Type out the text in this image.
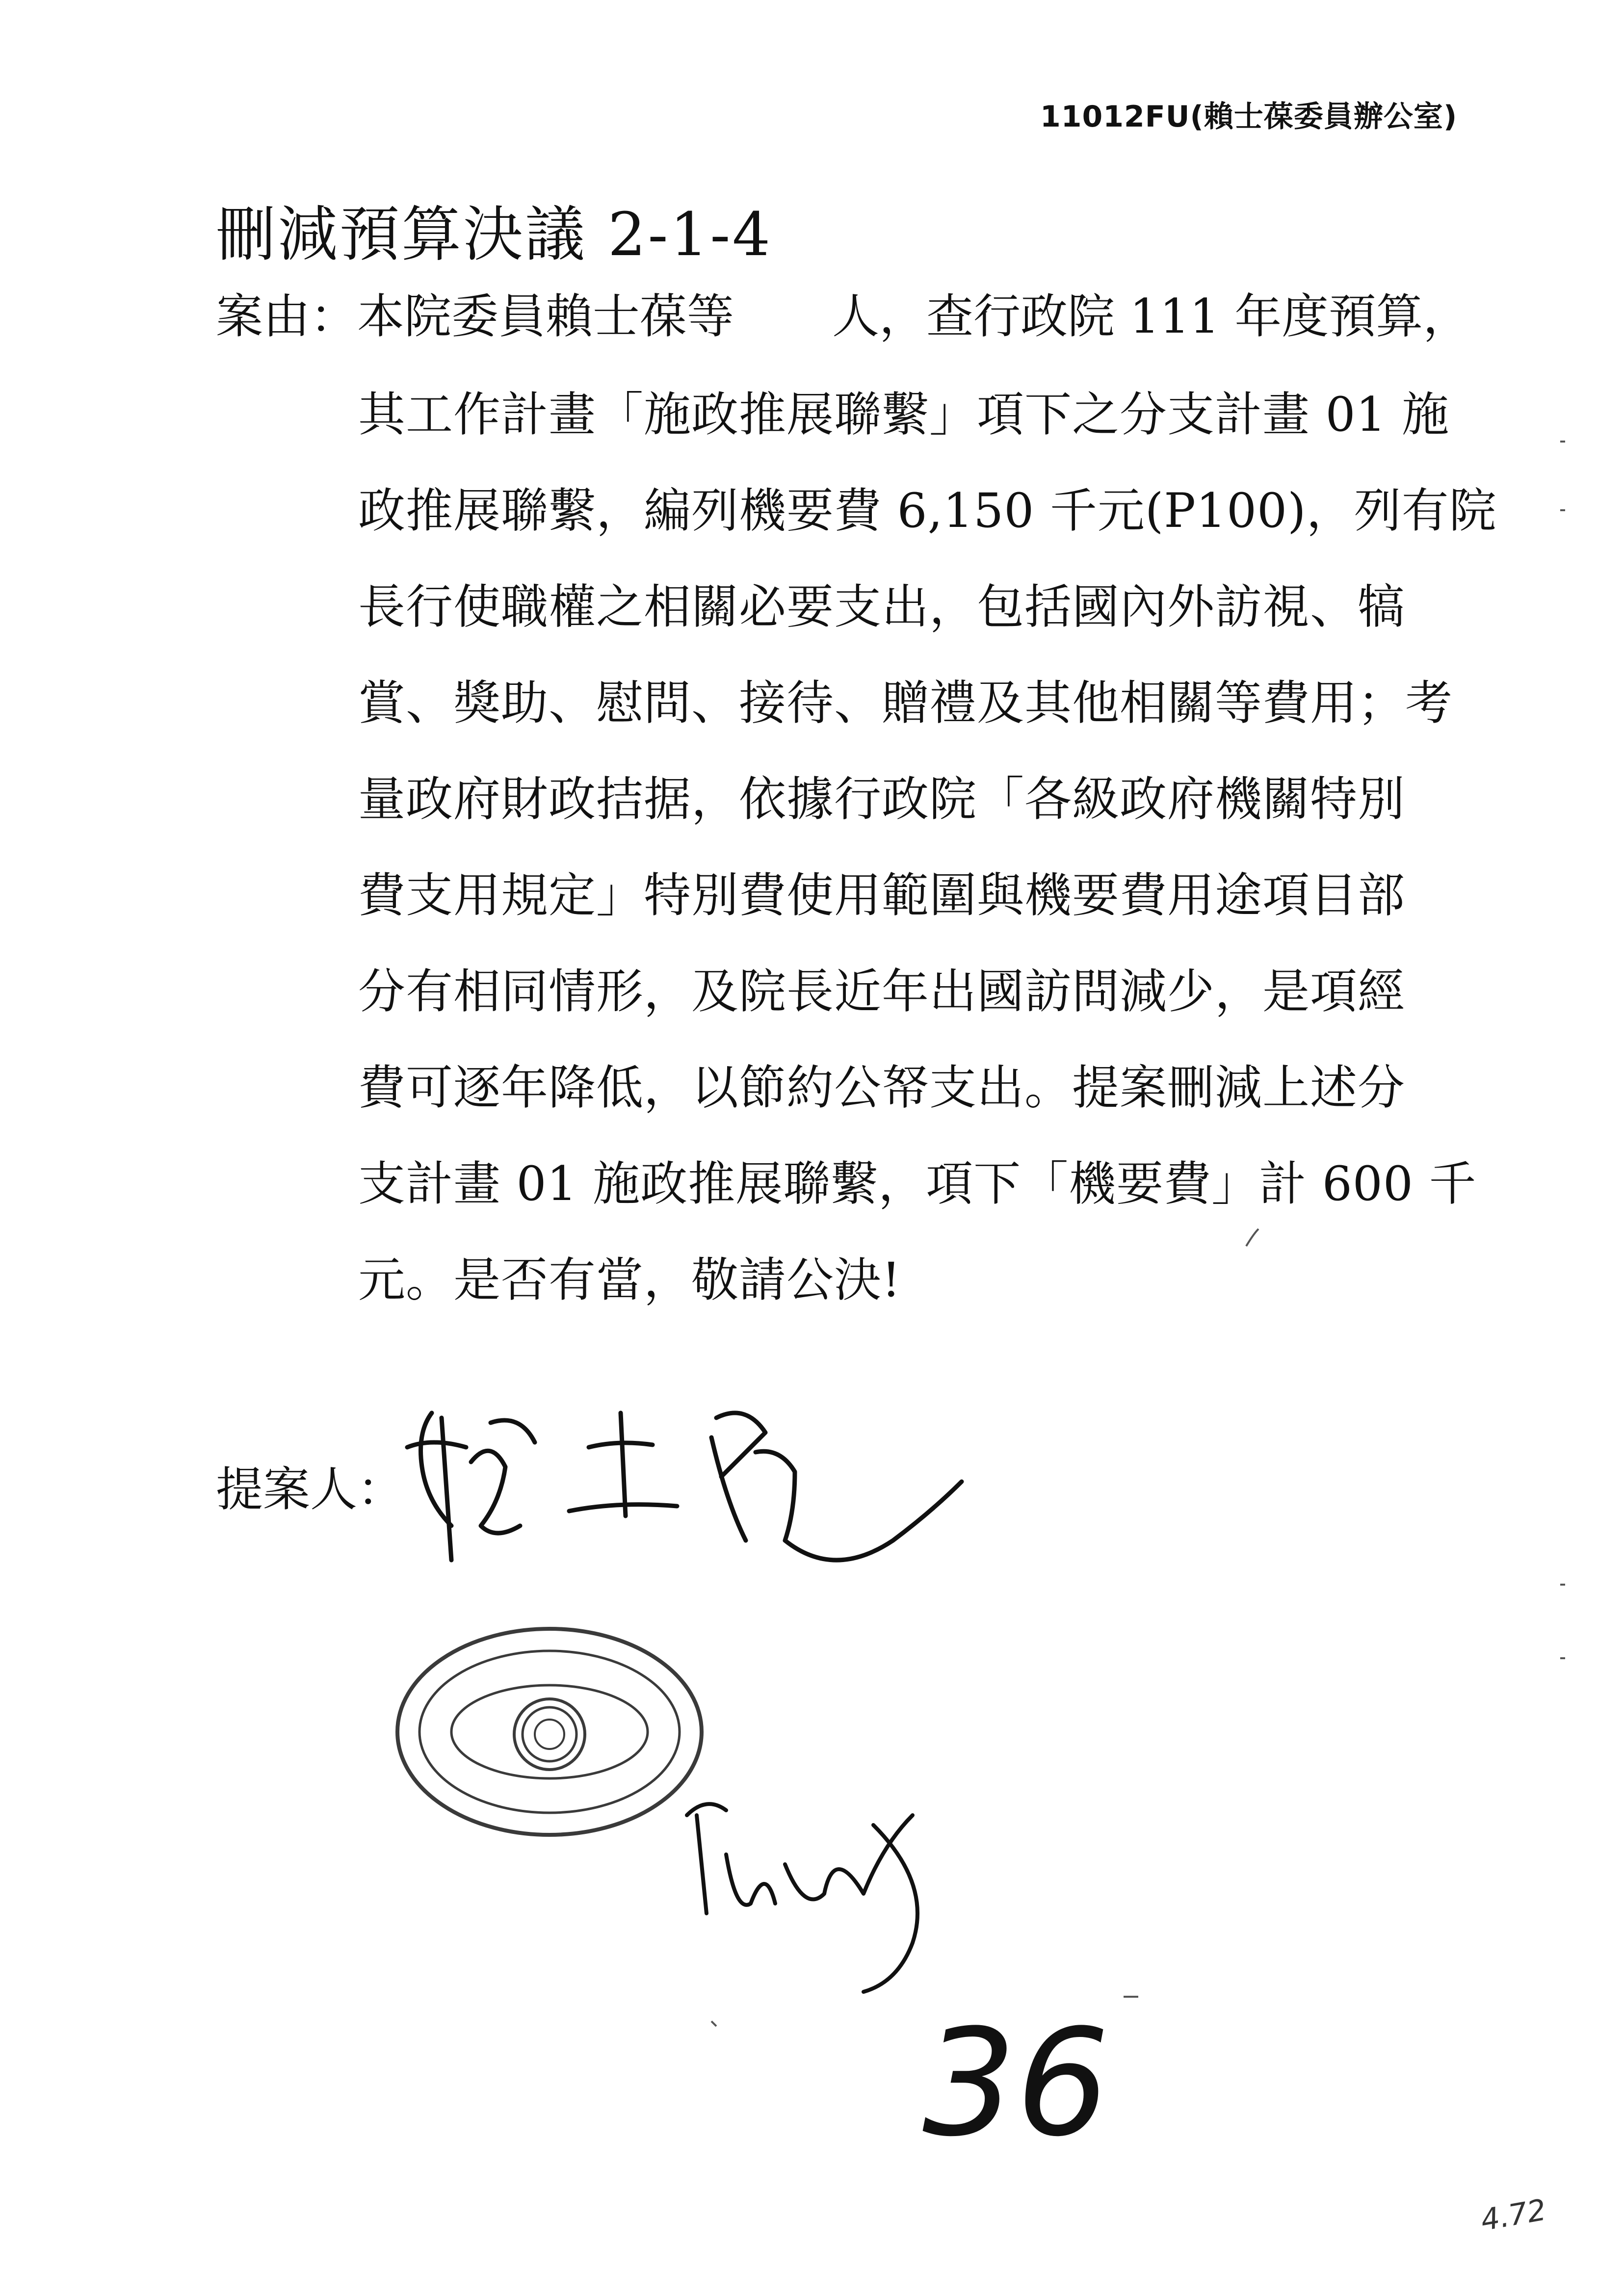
11012FU(賴士葆委員辦公室)
刪減預算決議 2-1-4
案由：本院委員賴士葆等 人，查行政院 111 年度預算，
其工作計畫「施政推展聯繫」項下之分支計畫 01 施
政推展聯繫，編列機要費 6,150 千元(P100)，列有院
長行使職權之相關必要支出，包括國內外訪視、犒
賞、獎助、慰問、接待、贈禮及其他相關等費用；考
量政府財政拮据，依據行政院「各級政府機關特別
費支用規定」特別費使用範圍與機要費用途項目部
分有相同情形，及院長近年出國訪問減少，是項經
費可逐年降低，以節約公帑支出。提案刪減上述分
支計畫 01 施政推展聯繫，項下「機要費」計 600 千
元。是否有當，敬請公決!
提案人：
36
4.72
